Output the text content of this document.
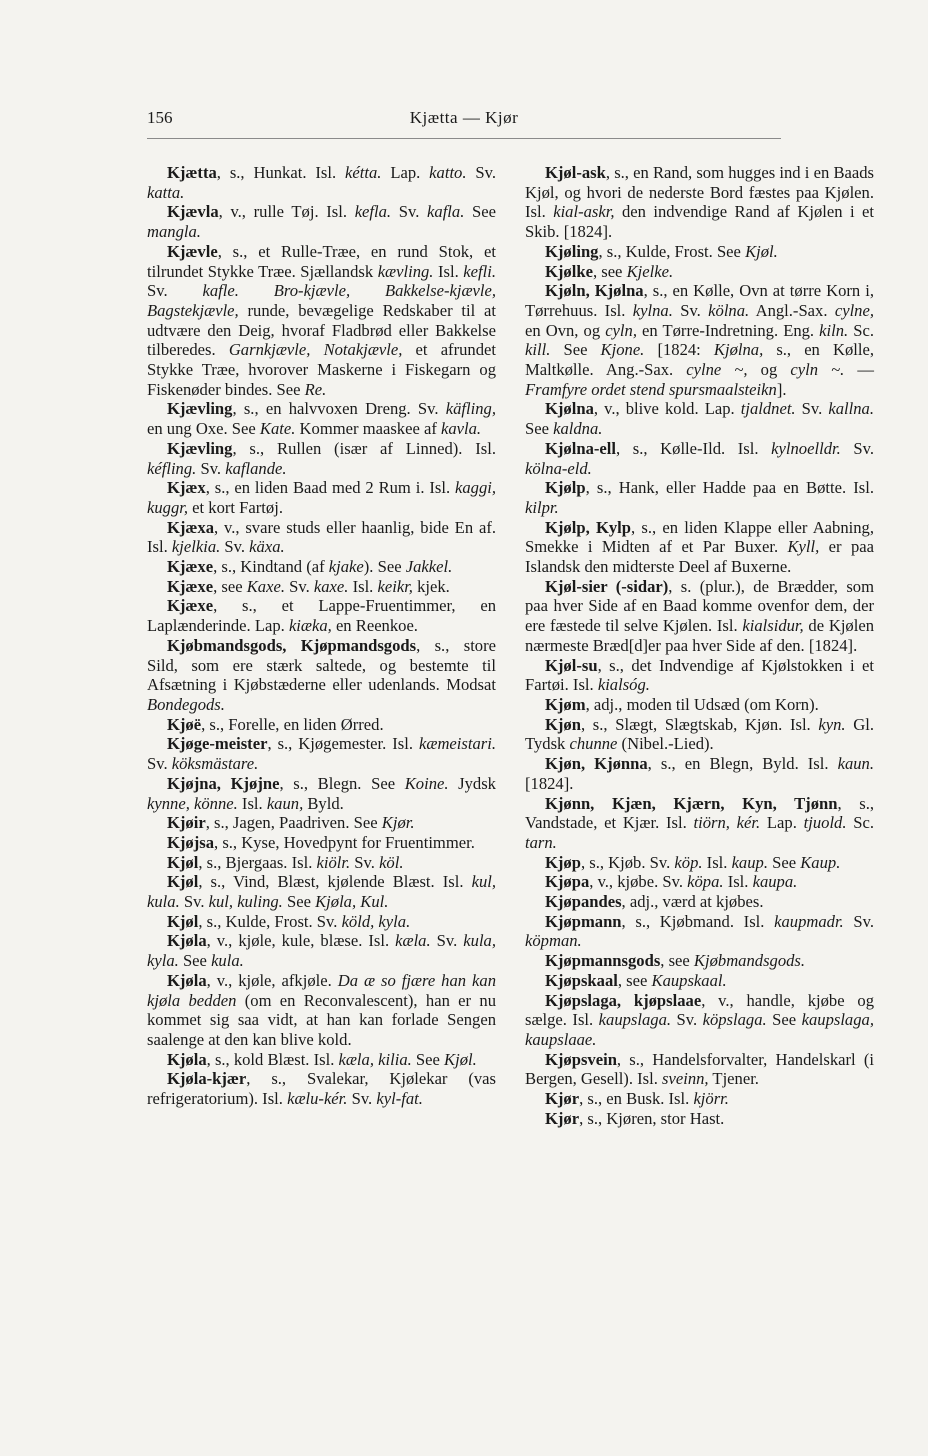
156	Kjætta — Kjør

Kjætta, s., Hunkat. Isl. kétta. Lap. katto. Sv. katta.

Kjævla, v., rulle Tøj. Isl. kefla. Sv. kafla. See mangla.

Kjævle, s., et Rulle-Træe, en rund Stok, et tilrundet Stykke Træe. Sjællandsk kævling. Isl. kefli. Sv. kafle. Bro-kjævle, Bakkelse-kjævle, Bagstekjævle, runde, bevægelige Redskaber til at udtvære den Deig, hvoraf Fladbrød eller Bakkelse tilberedes. Garnkjævle, Notakjævle, et afrundet Stykke Træe, hvorover Maskerne i Fiskegarn og Fiskenøder bindes. See Re.

Kjævling, s., en halvvoxen Dreng. Sv. käfling, en ung Oxe. See Kate. Kommer maaskee af kavla.

Kjævling, s., Rullen (især af Linned). Isl. kéfling. Sv. kaflande.

Kjæx, s., en liden Baad med 2 Rum i. Isl. kaggi, kuggr, et kort Fartøj.

Kjæxa, v., svare studs eller haanlig, bide En af. Isl. kjelkia. Sv. käxa.

Kjæxe, s., Kindtand (af kjake). See Jakkel.

Kjæxe, see Kaxe. Sv. kaxe. Isl. keikr, kjek.

Kjæxe, s., et Lappe-Fruentimmer, en Laplænderinde. Lap. kiæka, en Reenkoe.

Kjøbmandsgods, Kjøpmandsgods, s., store Sild, som ere stærk saltede, og bestemte til Afsætning i Kjøbstæderne eller udenlands. Modsat Bondegods.

Kjøë, s., Forelle, en liden Ørred.

Kjøge-meister, s., Kjøgemester. Isl. kæmeistari. Sv. köksmästare.

Kjøjna, Kjøjne, s., Blegn. See Koine. Jydsk kynne, könne. Isl. kaun, Byld.

Kjøir, s., Jagen, Paadriven. See Kjør.

Kjøjsa, s., Kyse, Hovedpynt for Fruentimmer.

Kjøl, s., Bjergaas. Isl. kiölr. Sv. köl.

Kjøl, s., Vind, Blæst, kjølende Blæst. Isl. kul, kula. Sv. kul, kuling. See Kjøla, Kul.

Kjøl, s., Kulde, Frost. Sv. köld, kyla.

Kjøla, v., kjøle, kule, blæse. Isl. kæla. Sv. kula, kyla. See kula.

Kjøla, v., kjøle, afkjøle. Da æ so fjære han kan kjøla bedden (om en Reconvalescent), han er nu kommet sig saa vidt, at han kan forlade Sengen saalenge at den kan blive kold.

Kjøla, s., kold Blæst. Isl. kæla, kilia. See Kjøl.

Kjøla-kjær, s., Svalekar, Kjølekar (vas refrigeratorium). Isl. kælu-kér. Sv. kyl-fat.

Kjøl-ask, s., en Rand, som hugges ind i en Baads Kjøl, og hvori de nederste Bord fæstes paa Kjølen. Isl. kial-askr, den indvendige Rand af Kjølen i et Skib. [1824].

Kjøling, s., Kulde, Frost. See Kjøl.

Kjølke, see Kjelke.

Kjøln, Kjølna, s., en Kølle, Ovn at tørre Korn i, Tørrehuus. Isl. kylna. Sv. kölna. Angl.-Sax. cylne, en Ovn, og cyln, en Tørre-Indretning. Eng. kiln. Sc. kill. See Kjone. [1824: Kjølna, s., en Kølle, Maltkølle. Ang.-Sax. cylne ~, og cyln ~. — Framfyre ordet stend spursmaalsteikn].

Kjølna, v., blive kold. Lap. tjaldnet. Sv. kallna. See kaldna.

Kjølna-ell, s., Kølle-Ild. Isl. kylnoelldr. Sv. kölna-eld.

Kjølp, s., Hank, eller Hadde paa en Bøtte. Isl. kilpr.

Kjølp, Kylp, s., en liden Klappe eller Aabning, Smekke i Midten af et Par Buxer. Kyll, er paa Islandsk den midterste Deel af Buxerne.

Kjøl-sier (-sidar), s. (plur.), de Brædder, som paa hver Side af en Baad komme ovenfor dem, der ere fæstede til selve Kjølen. Isl. kialsidur, de Kjølen nærmeste Bræd[d]er paa hver Side af den. [1824].

Kjøl-su, s., det Indvendige af Kjølstokken i et Fartøi. Isl. kialsóg.

Kjøm, adj., moden til Udsæd (om Korn).

Kjøn, s., Slægt, Slægtskab, Kjøn. Isl. kyn. Gl. Tydsk chunne (Nibel.-Lied).

Kjøn, Kjønna, s., en Blegn, Byld. Isl. kaun. [1824].

Kjønn, Kjæn, Kjærn, Kyn, Tjønn, s., Vandstade, et Kjær. Isl. tiörn, kér. Lap. tjuold. Sc. tarn.

Kjøp, s., Kjøb. Sv. köp. Isl. kaup. See Kaup.

Kjøpa, v., kjøbe. Sv. köpa. Isl. kaupa.

Kjøpandes, adj., værd at kjøbes.

Kjøpmann, s., Kjøbmand. Isl. kaupmadr. Sv. köpman.

Kjøpmannsgods, see Kjøbmandsgods.

Kjøpskaal, see Kaupskaal.

Kjøpslaga, kjøpslaae, v., handle, kjøbe og sælge. Isl. kaupslaga. Sv. köpslaga. See kaupslaga, kaupslaae.

Kjøpsvein, s., Handelsforvalter, Handelskarl (i Bergen, Gesell). Isl. sveinn, Tjener.

Kjør, s., en Busk. Isl. kjörr.

Kjør, s., Kjøren, stor Hast.
